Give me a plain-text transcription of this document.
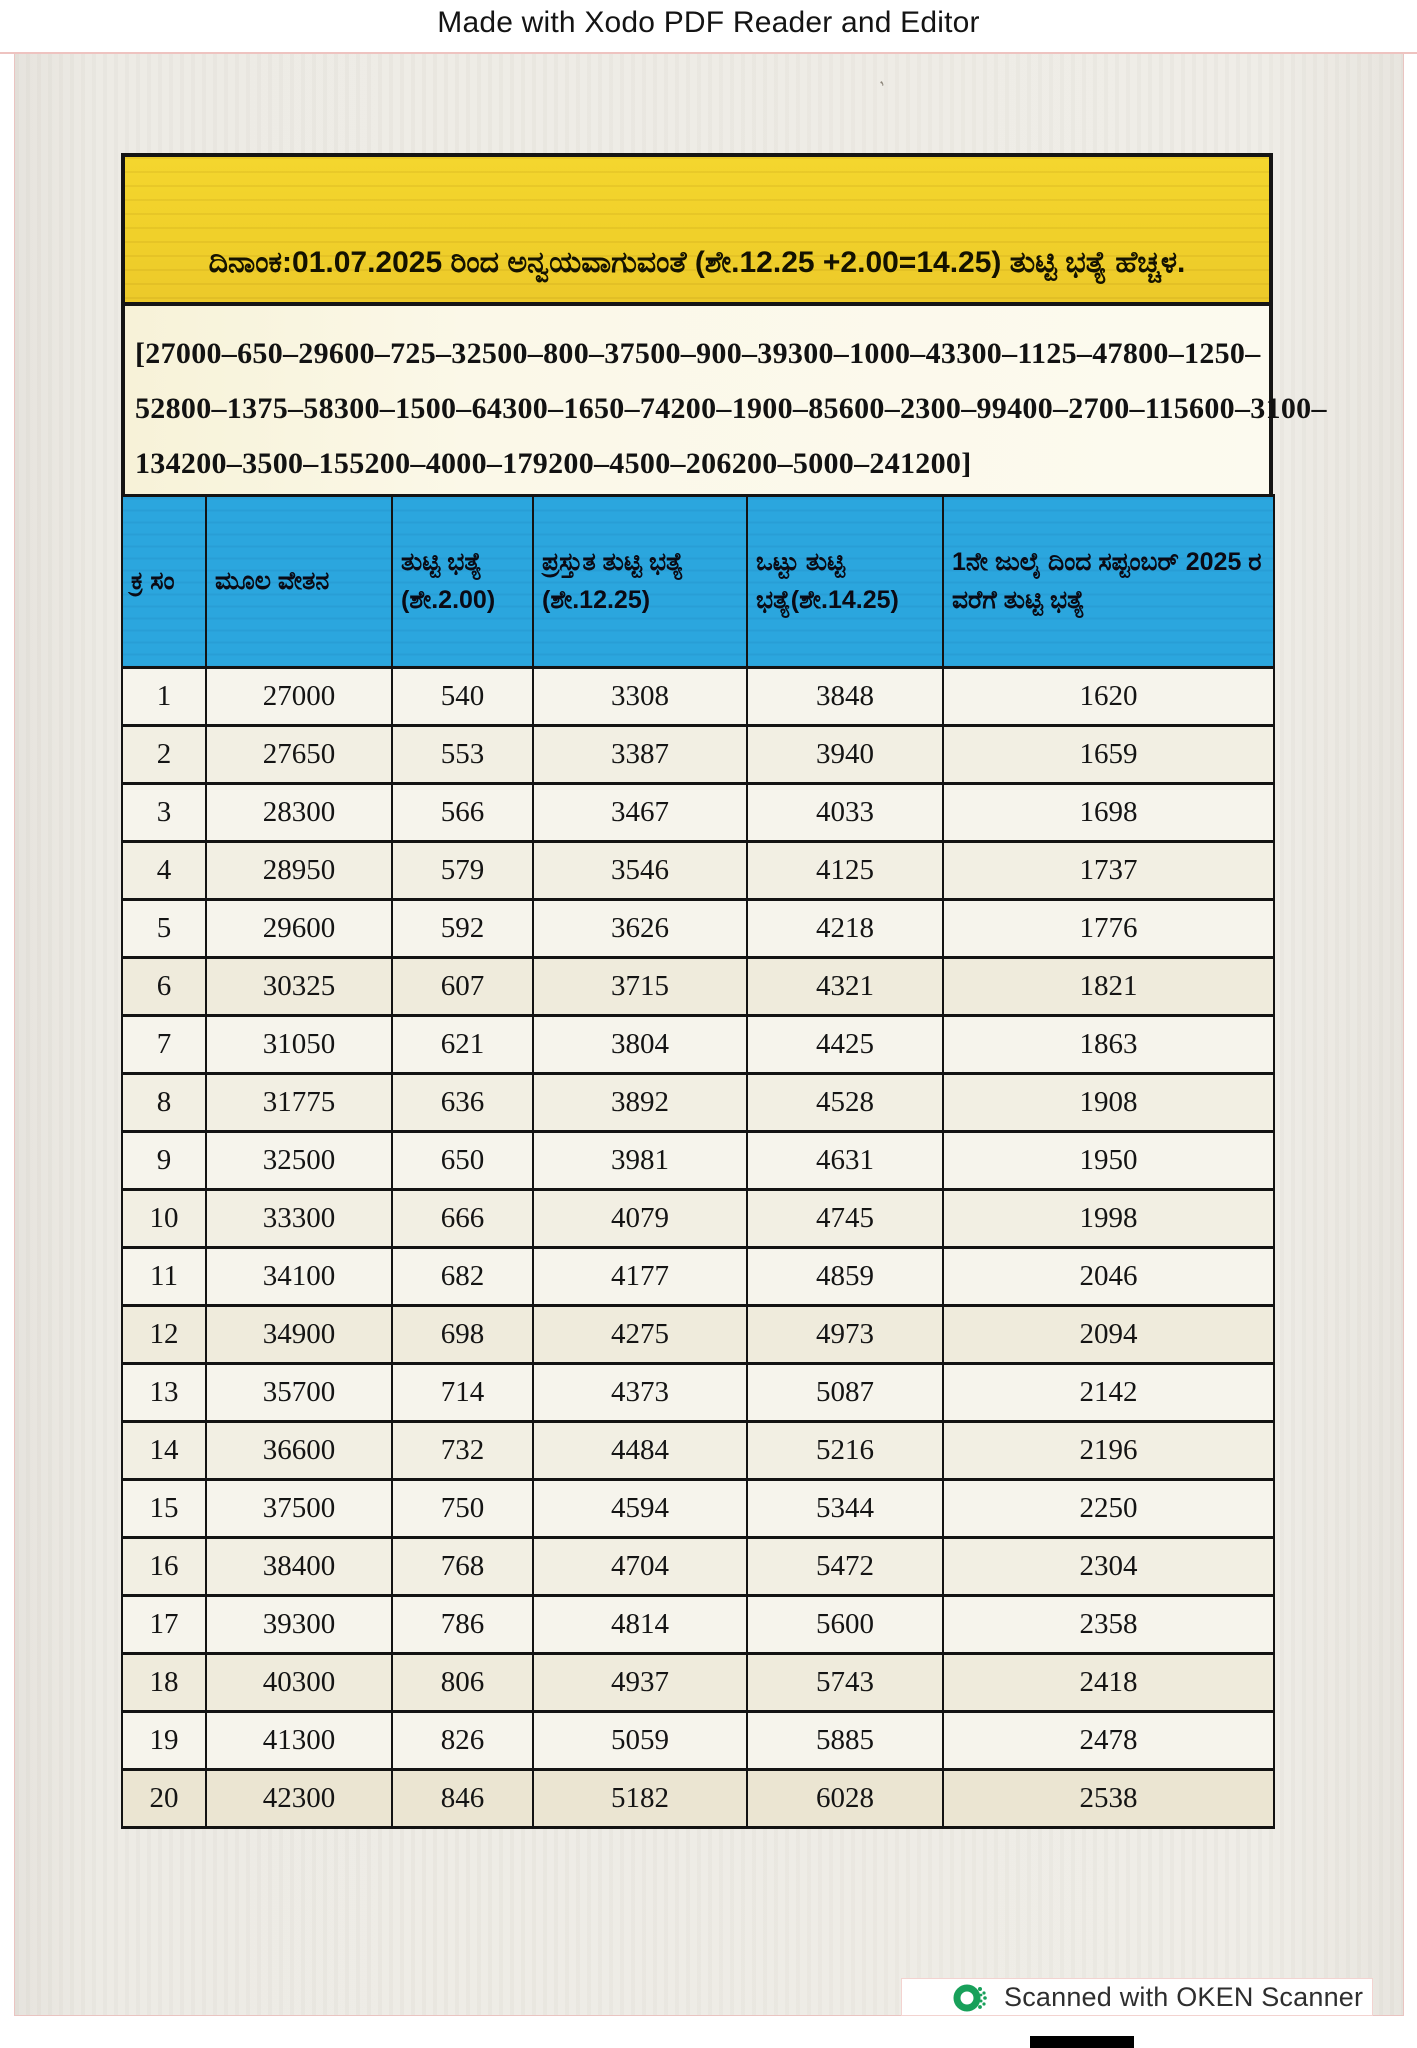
Made with Xodo PDF Reader and Editor
‚
ದಿನಾಂಕ:01.07.2025 ರಿಂದ ಅನ್ವಯವಾಗುವಂತೆ (ಶೇ.12.25 +2.00=14.25) ತುಟ್ಟಿ ಭತ್ಯೆ ಹೆಚ್ಚಳ.
[27000–650–29600–725–32500–800–37500–900–39300–1000–43300–1125–47800–1250–
52800–1375–58300–1500–64300–1650–74200–1900–85600–2300–99400–2700–115600–3100–
134200–3500–155200–4000–179200–4500–206200–5000–241200]
ಕ್ರ ಸಂ	ಮೂಲ ವೇತನ	ತುಟ್ಟಿ ಭತ್ಯೆ (ಶೇ.2.00)	ಪ್ರಸ್ತುತ ತುಟ್ಟಿ ಭತ್ಯೆ (ಶೇ.12.25)	ಒಟ್ಟು ತುಟ್ಟಿ ಭತ್ಯೆ(ಶೇ.14.25)	1ನೇ ಜುಲೈ ದಿಂದ ಸಪ್ಟಂಬರ್ 2025 ರ ವರೆಗೆ ತುಟ್ಟಿ ಭತ್ಯೆ
1	27000	540	3308	3848	1620
2	27650	553	3387	3940	1659
3	28300	566	3467	4033	1698
4	28950	579	3546	4125	1737
5	29600	592	3626	4218	1776
6	30325	607	3715	4321	1821
7	31050	621	3804	4425	1863
8	31775	636	3892	4528	1908
9	32500	650	3981	4631	1950
10	33300	666	4079	4745	1998
11	34100	682	4177	4859	2046
12	34900	698	4275	4973	2094
13	35700	714	4373	5087	2142
14	36600	732	4484	5216	2196
15	37500	750	4594	5344	2250
16	38400	768	4704	5472	2304
17	39300	786	4814	5600	2358
18	40300	806	4937	5743	2418
19	41300	826	5059	5885	2478
20	42300	846	5182	6028	2538
Scanned with OKEN Scanner
